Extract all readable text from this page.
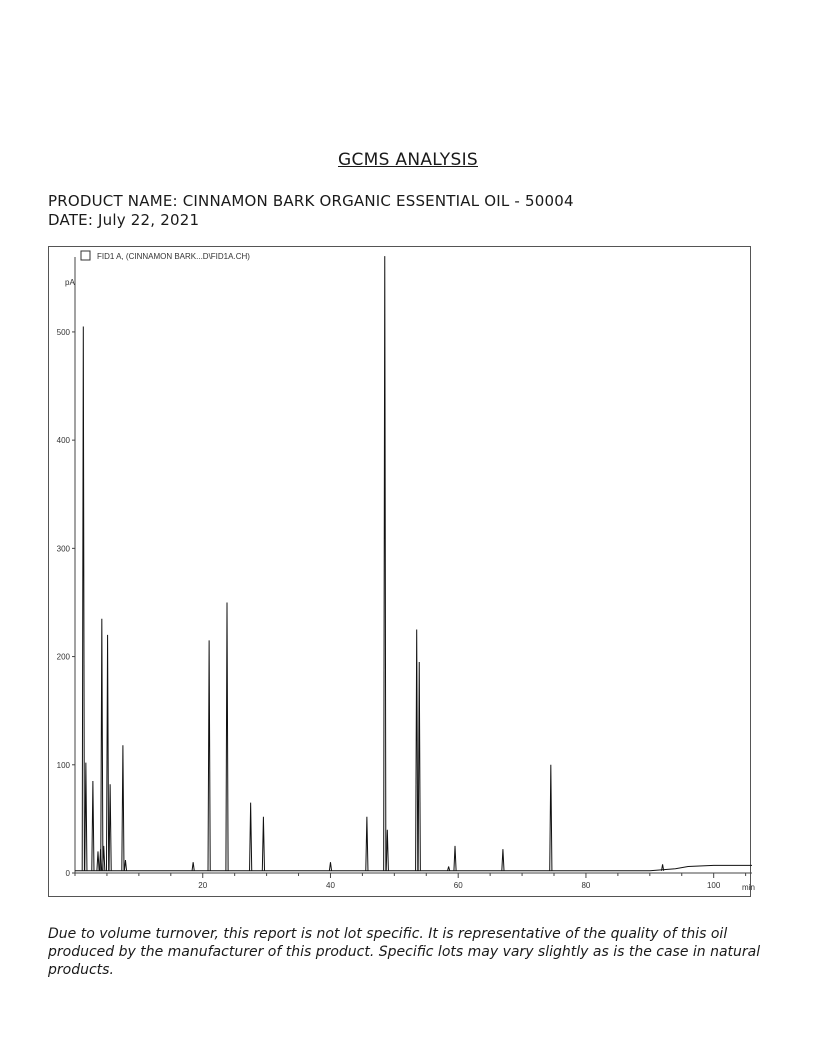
GCMS ANALYSIS
PRODUCT NAME: CINNAMON BARK ORGANIC ESSENTIAL OIL - 50004
DATE: July 22, 2021
FID1 A, (CINNAMON BARK...D\FID1A.CH)
pA
min
0
100
200
300
400
500
20	40	60	80	100
Due to volume turnover, this report is not lot specific. It is representative of the quality of this oil produced by the manufacturer of this product. Specific lots may vary slightly as is the case in natural products.
